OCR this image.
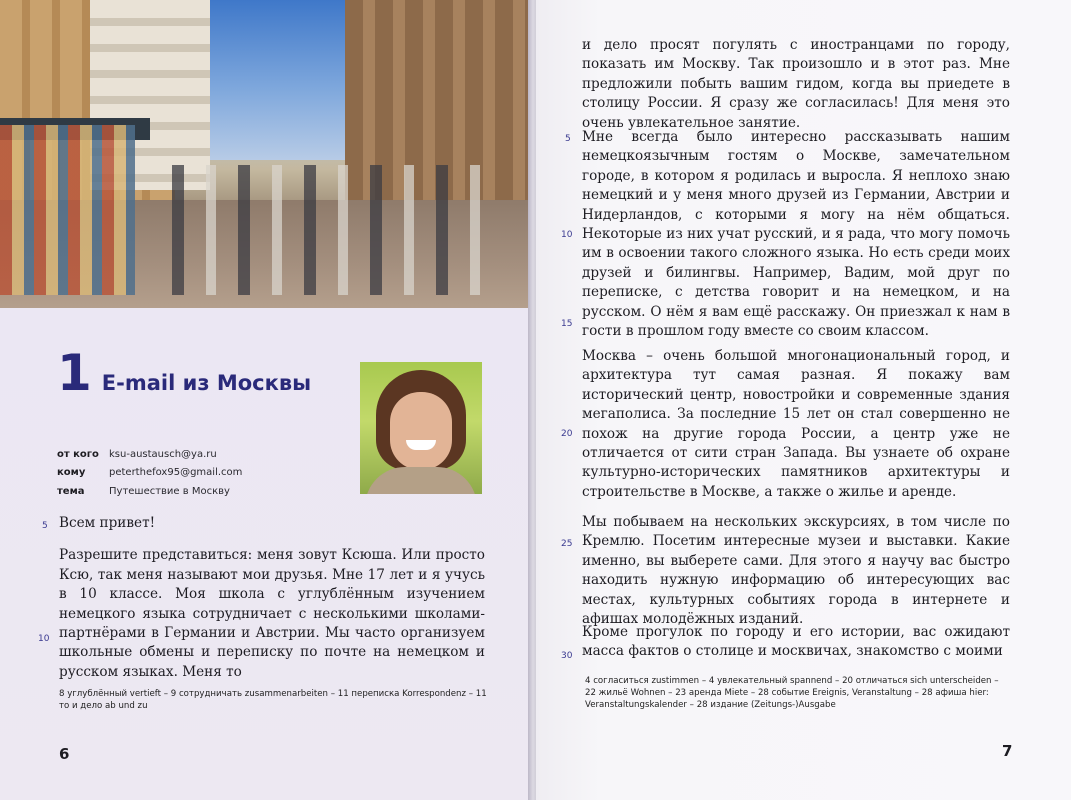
1 E-mail из Москвы
от кого	ksu-austausch@ya.ru
кому	peterthefox95@gmail.com
тема	Путешествие в Москву
5
10

Всем привет!

Разрешите представиться: меня зовут Ксюша. Или просто Ксю, так меня называют мои друзья. Мне 17 лет и я учусь в 10 классе. Моя школа с углублённым изучением немецкого языка сотрудничает с несколькими школами-партнёрами в Германии и Австрии. Мы часто организуем школьные обмены и переписку по почте на немецком и русском языках. Меня то

8 углублённый vertieft – 9 сотрудничать zusammenarbeiten – 11 переписка Korrespondenz – 11 то и дело ab und zu
6
5
10
15
20
25
30

и дело просят погулять с иностранцами по городу, показать им Москву. Так произошло и в этот раз. Мне предложили побыть вашим гидом, когда вы приедете в столицу России. Я сразу же согласилась! Для меня это очень увлекательное занятие.

Мне всегда было интересно рассказывать нашим немецкоязычным гостям о Москве, замечательном городе, в котором я родилась и выросла. Я неплохо знаю немецкий и у меня много друзей из Германии, Австрии и Нидерландов, с которыми я могу на нём общаться. Некоторые из них учат русский, и я рада, что могу помочь им в освоении такого сложного языка. Но есть среди моих друзей и билингвы. Например, Вадим, мой друг по переписке, с детства говорит и на немецком, и на русском. О нём я вам ещё расскажу. Он приезжал к нам в гости в прошлом году вместе со своим классом.

Москва – очень большой многонациональный город, и архитектура тут самая разная. Я покажу вам исторический центр, новостройки и современные здания мегаполиса. За последние 15 лет он стал совершенно не похож на другие города России, а центр уже не отличается от сити стран Запада. Вы узнаете об охране культурно-исторических памятников архитектуры и строительстве в Москве, а также о жилье и аренде.

Мы побываем на нескольких экскурсиях, в том числе по Кремлю. Посетим интересные музеи и выставки. Какие именно, вы выберете сами. Для этого я научу вас быстро находить нужную информацию об интересующих вас местах, культурных событиях города в интернете и афишах молодёжных изданий.

Кроме прогулок по городу и его истории, вас ожидают масса фактов о столице и москвичах, знакомство с моими

4 согласиться zustimmen – 4 увлекательный spannend – 20 отличаться sich unterscheiden – 22 жильё Wohnen – 23 аренда Miete – 28 событие Ereignis, Veranstaltung – 28 афиша hier: Veranstaltungskalender – 28 издание (Zeitungs-)Ausgabe
7
